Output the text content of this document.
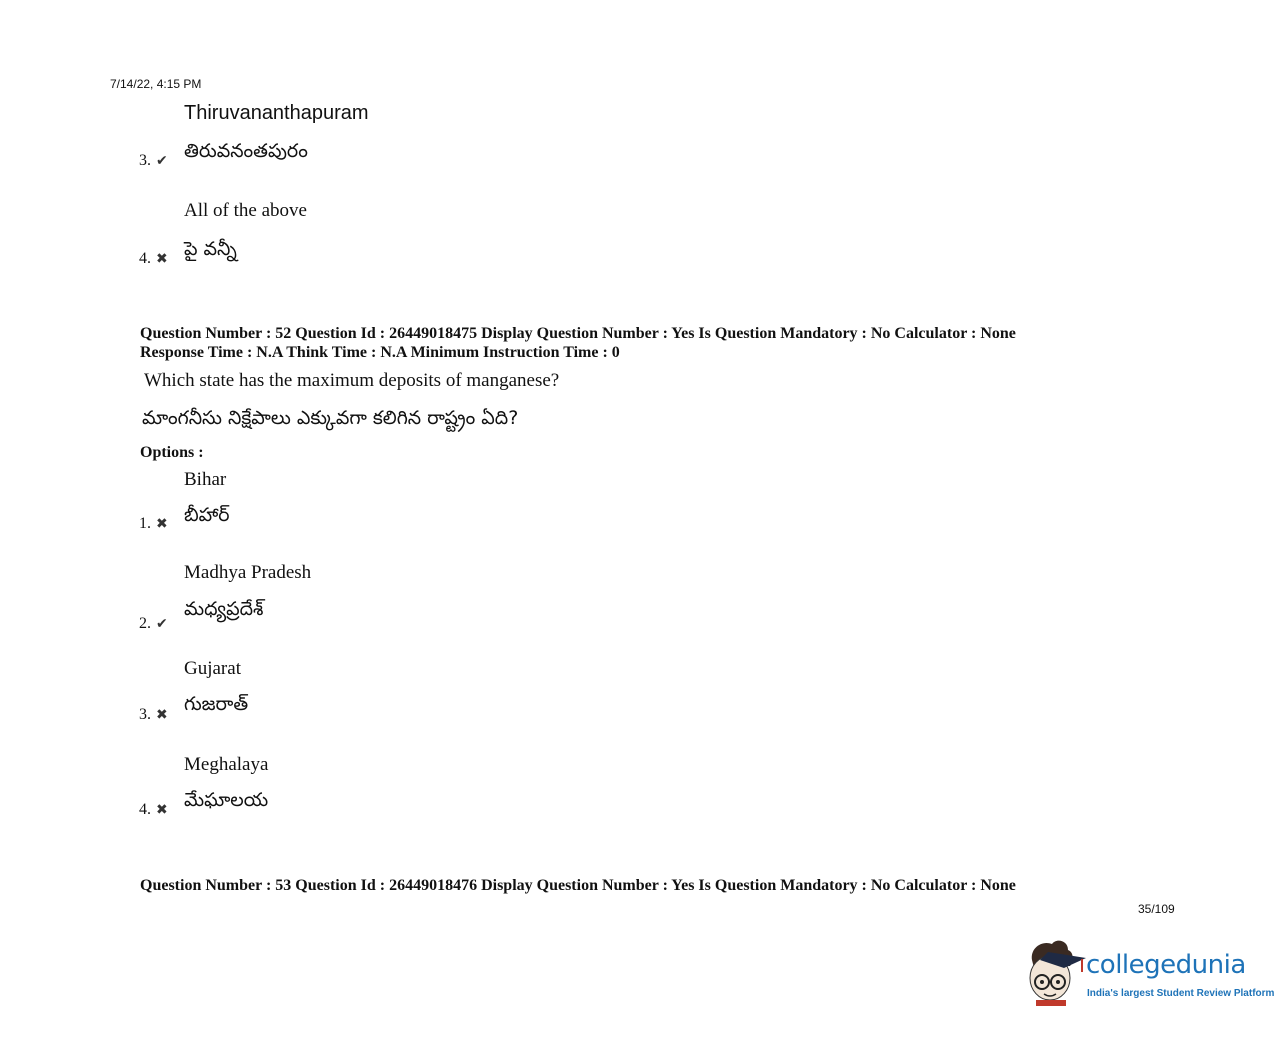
7/14/22, 4:15 PM
Thiruvananthapuram
3. ✔ తిరువనంతపురం
All of the above
4. ✖ పై వన్నీ
Question Number : 52 Question Id : 26449018475 Display Question Number : Yes Is Question Mandatory : No Calculator : None
Response Time : N.A Think Time : N.A Minimum Instruction Time : 0
Which state has the maximum deposits of manganese?
మాంగనీసు నిక్షేపాలు ఎక్కువగా కలిగిన రాష్ట్రం ఏది?
Options :
Bihar
1. ✖ బీహార్
Madhya Pradesh
2. ✔
మధ్యప్రదేశ్
Gujarat
3. ✖ గుజరాత్
Meghalaya
4. ✖ మేఘాలయ
Question Number : 53 Question Id : 26449018476 Display Question Number : Yes Is Question Mandatory : No Calculator : None
35/109
collegedunia
India's largest Student Review Platform
